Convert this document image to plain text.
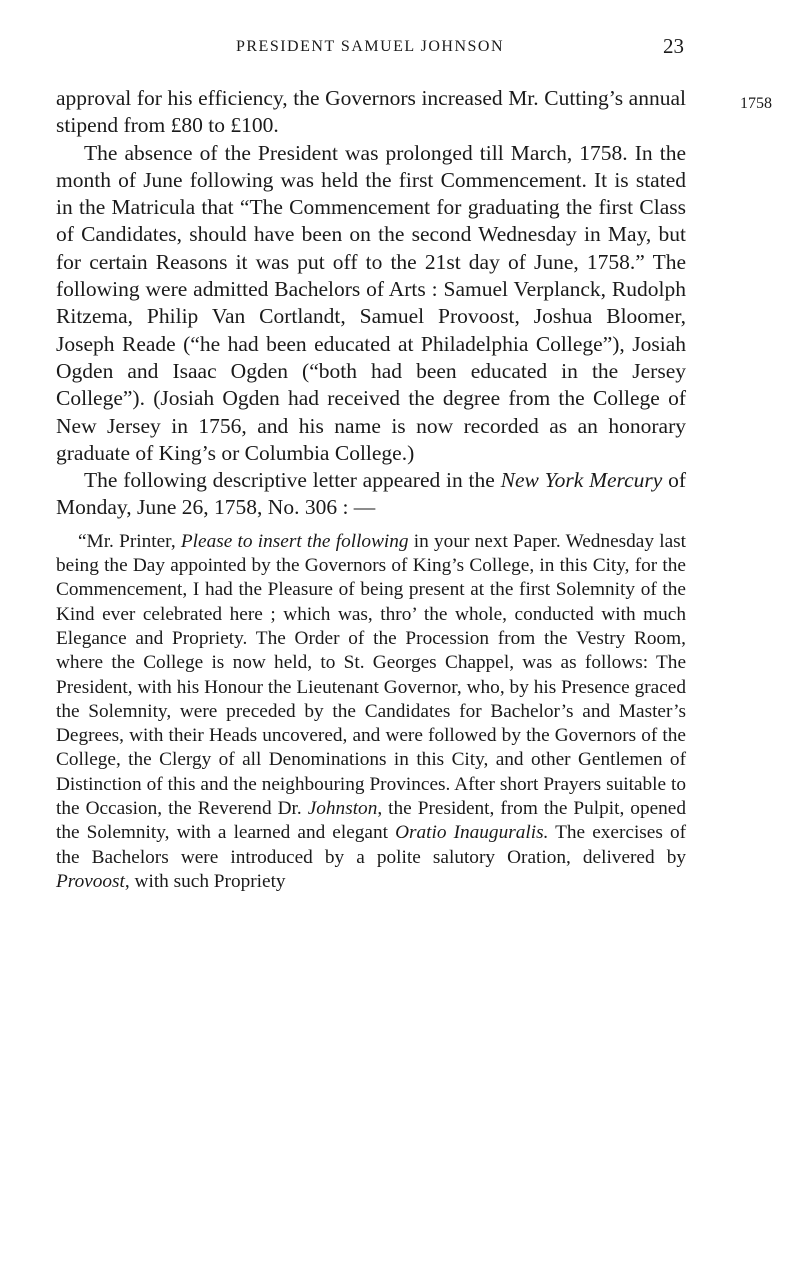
PRESIDENT SAMUEL JOHNSON	23
1758

approval for his efficiency, the Governors increased Mr. Cutting’s annual stipend from £80 to £100.

The absence of the President was prolonged till March, 1758. In the month of June following was held the first Commencement. It is stated in the Matricula that “The Commencement for graduating the first Class of Candidates, should have been on the second Wednesday in May, but for certain Reasons it was put off to the 21st day of June, 1758.” The following were admitted Bachelors of Arts : Samuel Verplanck, Rudolph Ritzema, Philip Van Cortlandt, Samuel Provoost, Joshua Bloomer, Joseph Reade (“he had been educated at Philadelphia College”), Josiah Ogden and Isaac Ogden (“both had been educated in the Jersey College”). (Josiah Ogden had received the degree from the College of New Jersey in 1756, and his name is now recorded as an honorary graduate of King’s or Columbia College.)

The following descriptive letter appeared in the New York Mercury of Monday, June 26, 1758, No. 306 : —

“Mr. Printer, Please to insert the following in your next Paper. Wednesday last being the Day appointed by the Governors of King’s College, in this City, for the Commencement, I had the Pleasure of being present at the first Solemnity of the Kind ever celebrated here ; which was, thro’ the whole, conducted with much Elegance and Propriety. The Order of the Procession from the Vestry Room, where the College is now held, to St. Georges Chappel, was as follows: The President, with his Honour the Lieutenant Governor, who, by his Presence graced the Solemnity, were preceded by the Candidates for Bachelor’s and Master’s Degrees, with their Heads uncovered, and were followed by the Governors of the College, the Clergy of all Denominations in this City, and other Gentlemen of Distinction of this and the neighbouring Provinces. After short Prayers suitable to the Occasion, the Reverend Dr. Johnston, the President, from the Pulpit, opened the Solemnity, with a learned and elegant Oratio Inauguralis. The exercises of the Bachelors were introduced by a polite salutory Oration, delivered by Provoost, with such Propriety
